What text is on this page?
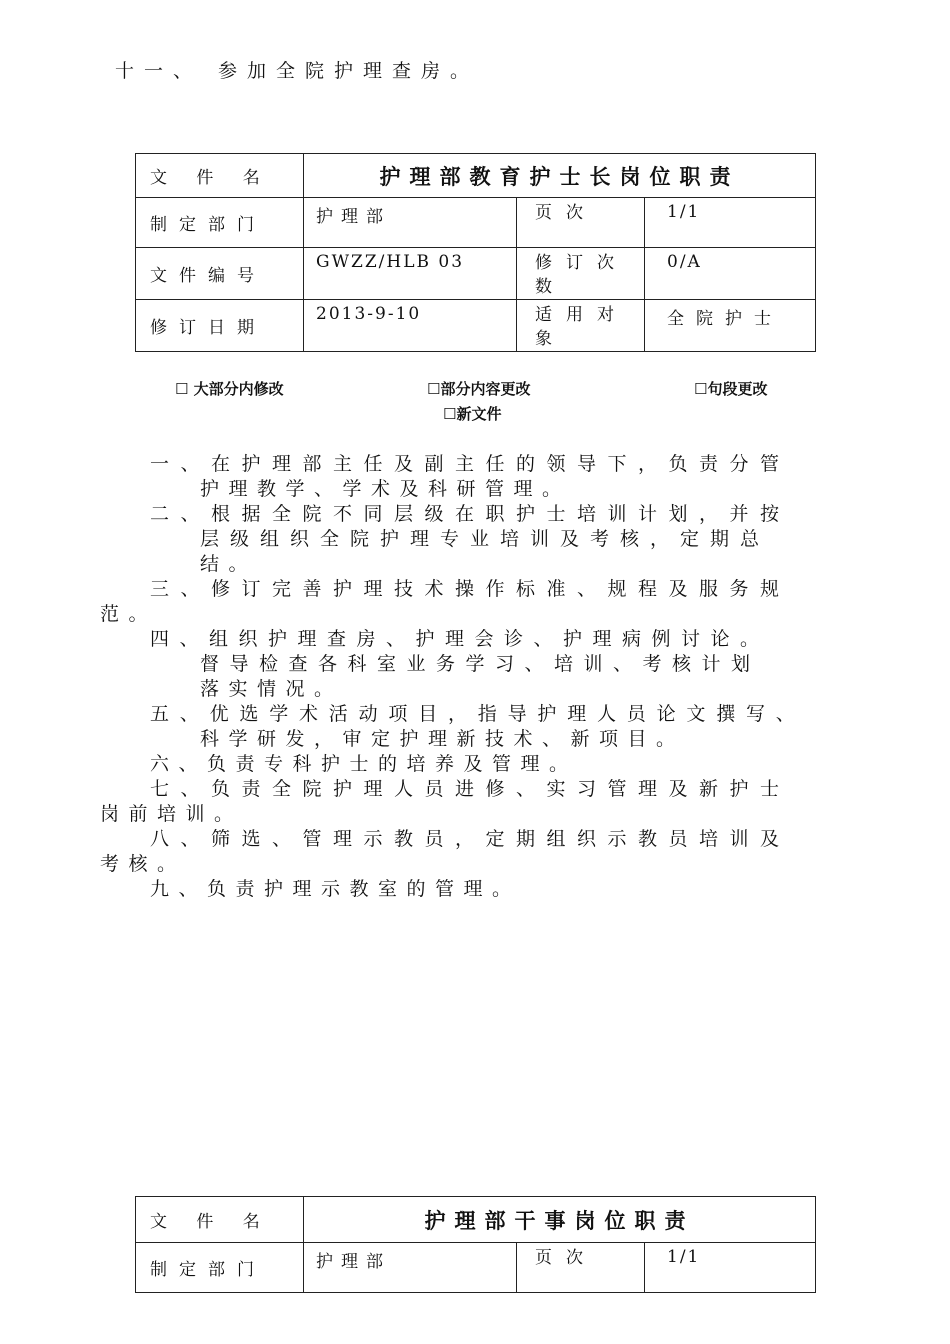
十一、 参加全院护理查房。
文 件 名	护理部教育护士长岗位职责		
制定部门	护理部	页次	1/1
文件编号	GWZZ/HLB 03	修订次数	0/A
修订日期	2013-9-10	适用对象	全院护士
☐ 大部分内修改	☐部分内容更改	☐句段更改
☐新文件
一、在护理部主任及副主任的领导下，负责分管
护理教学、学术及科研管理。
二、根据全院不同层级在职护士培训计划，并按
层级组织全院护理专业培训及考核，定期总
结。
三、修订完善护理技术操作标准、规程及服务规
范。
四、组织护理查房、护理会诊、护理病例讨论。
督导检查各科室业务学习、培训、考核计划
落实情况。
五、优选学术活动项目，指导护理人员论文撰写、
科学研发，审定护理新技术、新项目。
六、负责专科护士的培养及管理。
七、负责全院护理人员进修、实习管理及新护士
岗前培训。
八、筛选、管理示教员，定期组织示教员培训及
考核。
九、负责护理示教室的管理。
文 件 名	护理部干事岗位职责		
制定部门	护理部	页次	1/1
